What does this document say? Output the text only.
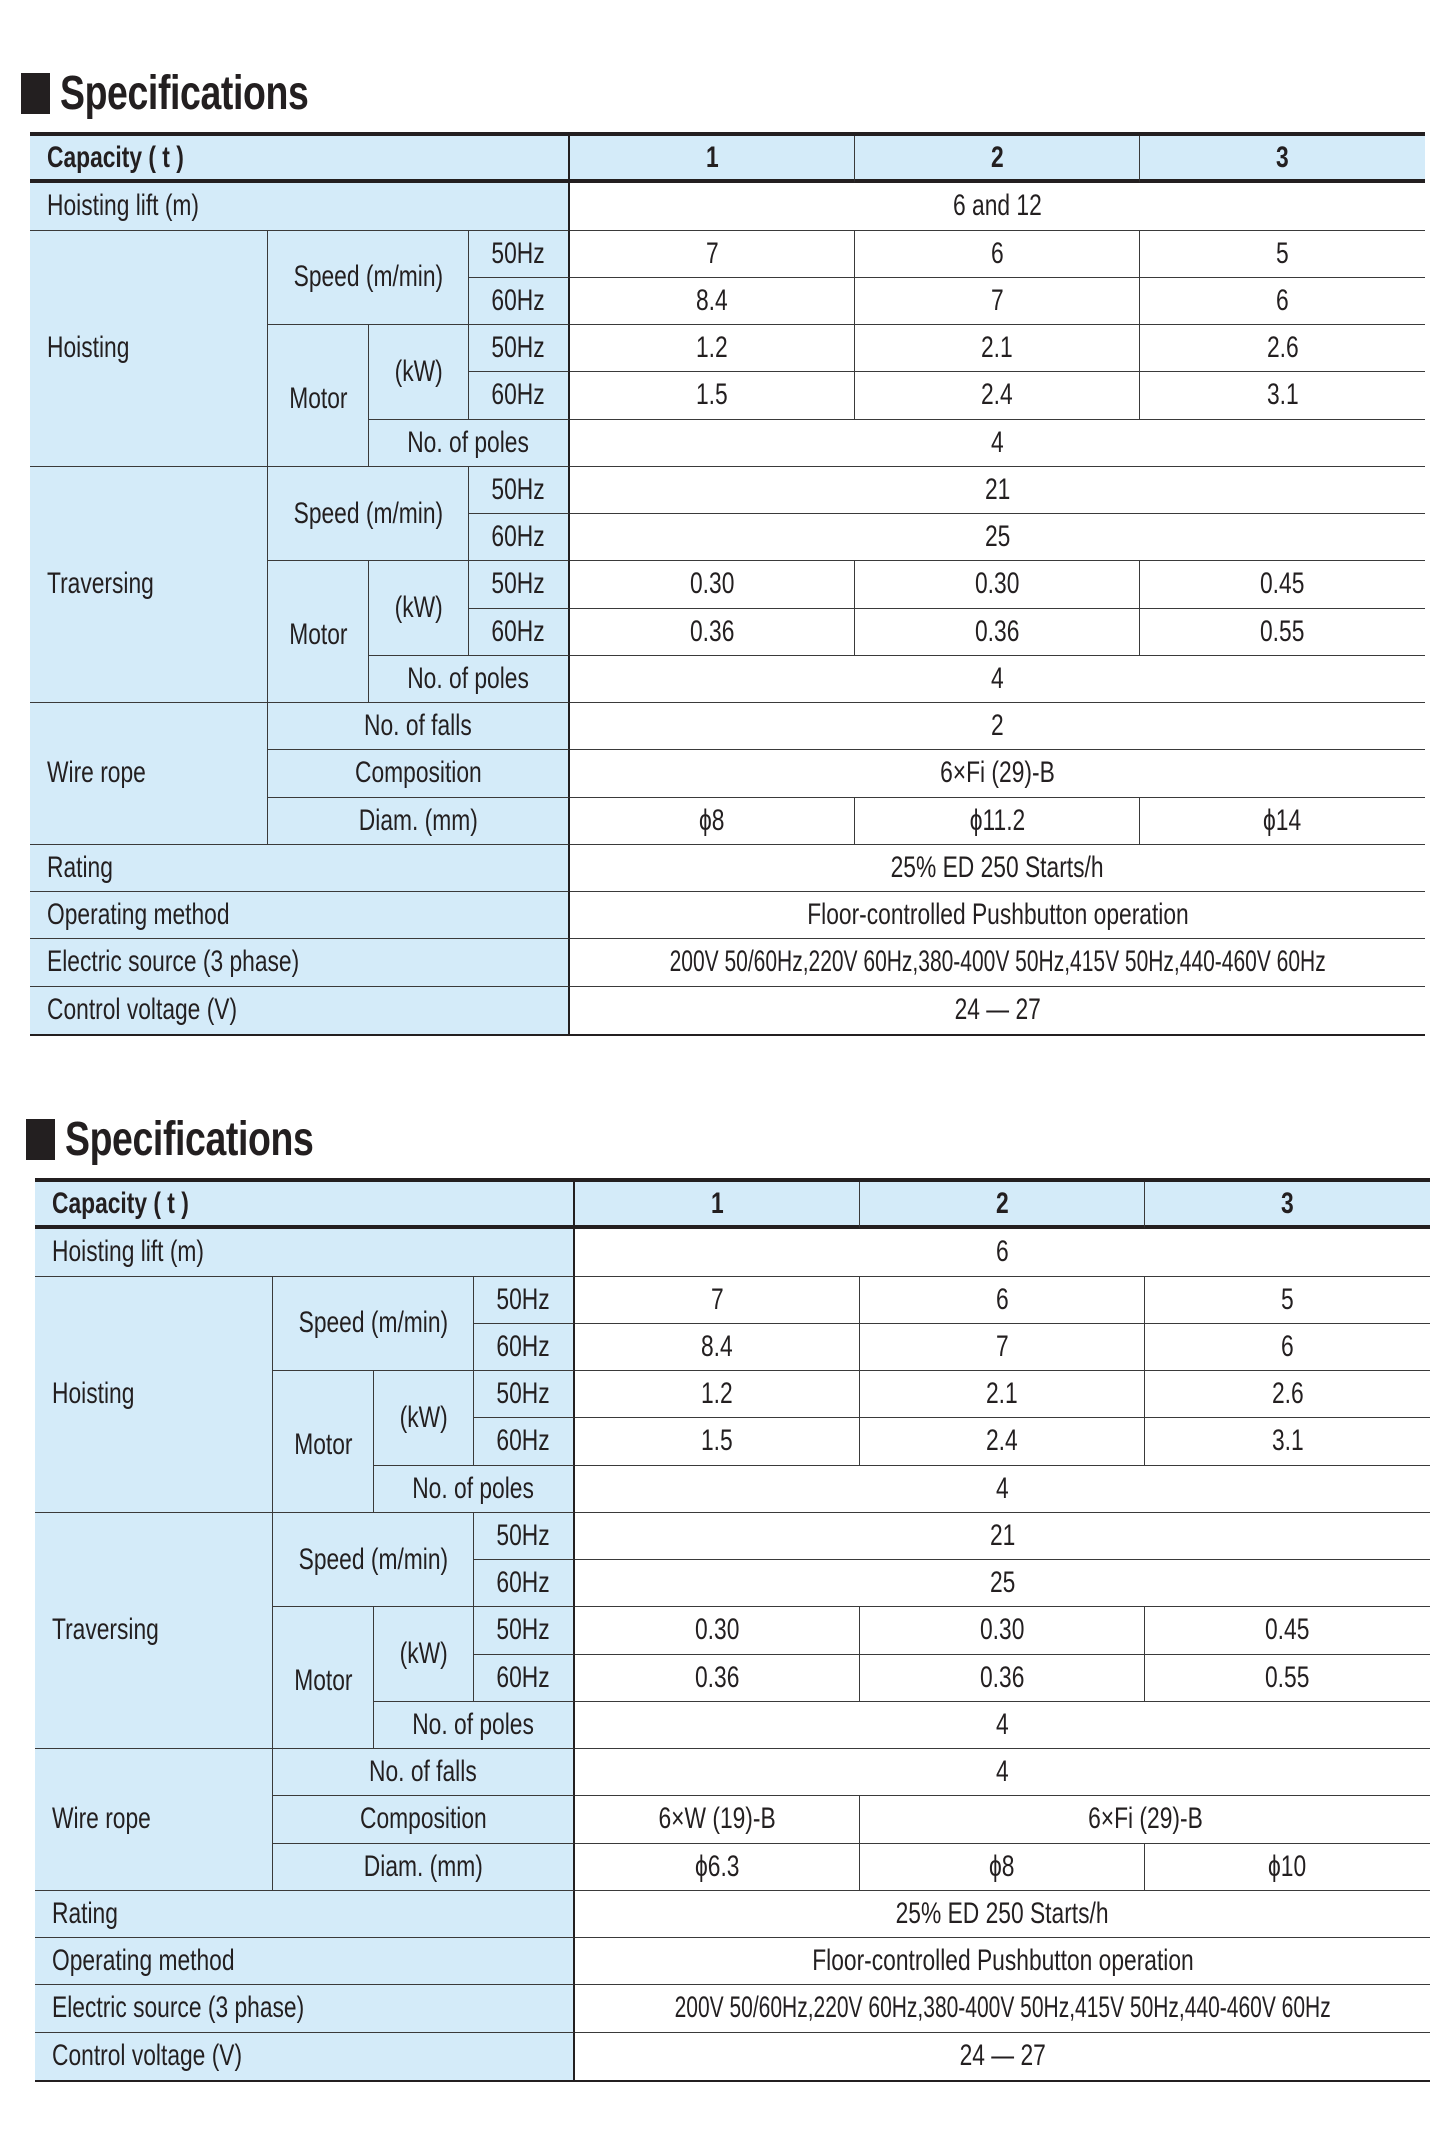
Specifications
Capacity ( t )	1	2	3
Hoisting lift (m)	6 and 12
Hoisting
Speed (m/min)
50Hz	7	6	5
60Hz	8.4	7	6
Motor
(kW)
50Hz	1.2	2.1	2.6
60Hz	1.5	2.4	3.1
No. of poles	4
Traversing
Speed (m/min)
50Hz	21
60Hz	25
Motor
(kW)
50Hz	0.30	0.30	0.45
60Hz	0.36	0.36	0.55
No. of poles	4
Wire rope
No. of falls	2
Composition	6×Fi (29)-B
Diam. (mm)	ϕ8	ϕ11.2	ϕ14
Rating	25% ED 250 Starts/h
Operating method	Floor-controlled Pushbutton operation
Electric source (3 phase)	200V 50/60Hz,220V 60Hz,380-400V 50Hz,415V 50Hz,440-460V 60Hz
Control voltage (V)	24 — 27
Specifications
Capacity ( t )	1	2	3
Hoisting lift (m)	6
Hoisting
Speed (m/min)
50Hz	7	6	5
60Hz	8.4	7	6
Motor
(kW)
50Hz	1.2	2.1	2.6
60Hz	1.5	2.4	3.1
No. of poles	4
Traversing
Speed (m/min)
50Hz	21
60Hz	25
Motor
(kW)
50Hz	0.30	0.30	0.45
60Hz	0.36	0.36	0.55
No. of poles	4
Wire rope
No. of falls	4
Composition	6×W (19)-B	6×Fi (29)-B
Diam. (mm)	ϕ6.3	ϕ8	ϕ10
Rating	25% ED 250 Starts/h
Operating method	Floor-controlled Pushbutton operation
Electric source (3 phase)	200V 50/60Hz,220V 60Hz,380-400V 50Hz,415V 50Hz,440-460V 60Hz
Control voltage (V)	24 — 27
